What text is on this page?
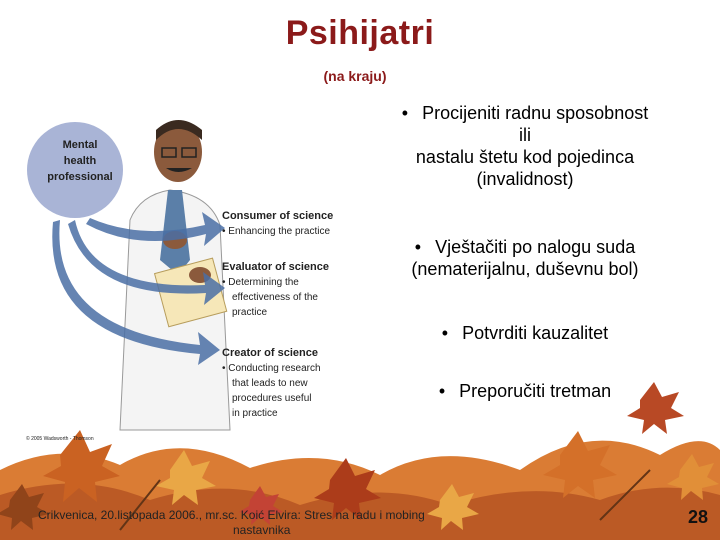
Psihijatri
(na kraju)
Mental
health
professional
Consumer of science
• Enhancing the practice
Evaluator of science
• Determining the
effectiveness of the
practice
Creator of science
• Conducting research
that leads to new
procedures useful
in practice
© 2005 Wadsworth - Thomson
• Procijeniti radnu sposobnost
ili
nastalu štetu kod pojedinca
(invalidnost)
• Vještačiti po nalogu suda
(nematerijalnu, duševnu bol)
• Potvrditi kauzalitet
• Preporučiti tretman
Crikvenica, 20.listopada 2006., mr.sc. Koić Elvira: Stres na radu i mobing
nastavnika
28
